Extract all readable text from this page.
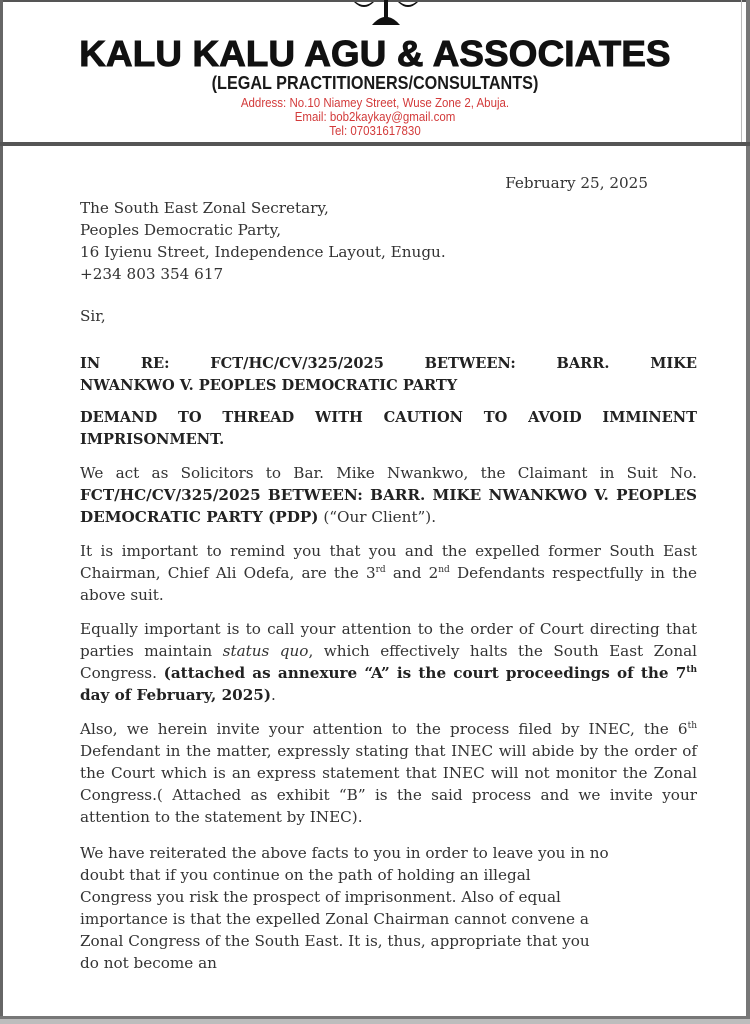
KALU KALU AGU & ASSOCIATES
(LEGAL PRACTITIONERS/CONSULTANTS)
Address: No.10 Niamey Street, Wuse Zone 2, Abuja.
Email: bob2kaykay@gmail.com
Tel: 07031617830
February 25, 2025
The South East Zonal Secretary,
Peoples Democratic Party,
16 Iyienu Street, Independence Layout, Enugu.
+234 803 354 617
Sir,
IN RE: FCT/HC/CV/325/2025 BETWEEN: BARR. MIKE
NWANKWO V. PEOPLES DEMOCRATIC PARTY
DEMAND TO THREAD WITH CAUTION TO AVOID IMMINENT
IMPRISONMENT.
We act as Solicitors to Bar. Mike Nwankwo, the Claimant in Suit No. FCT/HC/CV/325/2025 BETWEEN: BARR. MIKE NWANKWO V. PEOPLES DEMOCRATIC PARTY (PDP) (“Our Client”).
It is important to remind you that you and the expelled former South East Chairman, Chief Ali Odefa, are the 3rd and 2nd Defendants respectfully in the above suit.
Equally important is to call your attention to the order of Court directing that parties maintain status quo, which effectively halts the South East Zonal Congress. (attached as annexure “A” is the court proceedings of the 7th day of February, 2025).
Also, we herein invite your attention to the process filed by INEC, the 6th Defendant in the matter, expressly stating that INEC will abide by the order of the Court which is an express statement that INEC will not monitor the Zonal Congress.( Attached as exhibit “B” is the said process and we invite your attention to the statement by INEC).
We have reiterated the above facts to you in order to leave you in no
doubt that if you continue on the path of holding an illegal
Congress you risk the prospect of imprisonment. Also of equal
importance is that the expelled Zonal Chairman cannot convene a
Zonal Congress of the South East. It is, thus, appropriate that you
do not become an
